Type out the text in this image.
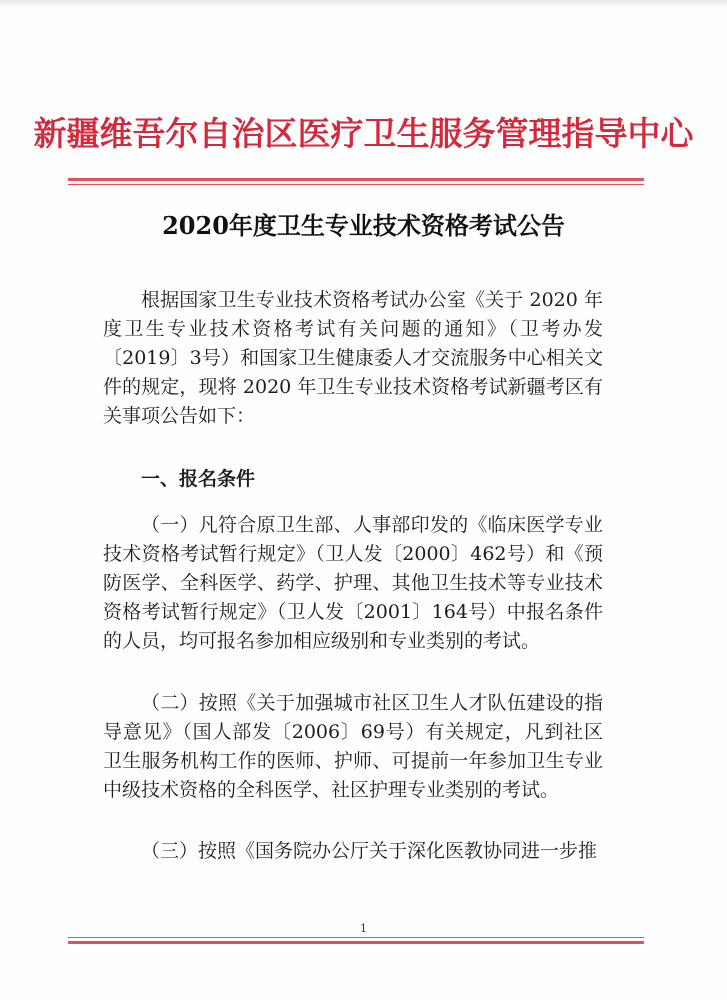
新疆维吾尔自治区医疗卫生服务管理指导中心
2020年度卫生专业技术资格考试公告

根据国家卫生专业技术资格考试办公室《关于 2020 年度卫生专业技术资格考试有关问题的通知》（卫考办发〔2019〕3号）和国家卫生健康委人才交流服务中心相关文件的规定，现将 2020 年卫生专业技术资格考试新疆考区有关事项公告如下：

一、报名条件

（一）凡符合原卫生部、人事部印发的《临床医学专业技术资格考试暂行规定》（卫人发〔2000〕462号）和《预防医学、全科医学、药学、护理、其他卫生技术等专业技术资格考试暂行规定》（卫人发〔2001〕164号）中报名条件的人员，均可报名参加相应级别和专业类别的考试。

（二）按照《关于加强城市社区卫生人才队伍建设的指导意见》（国人部发〔2006〕69号）有关规定，凡到社区卫生服务机构工作的医师、护师、可提前一年参加卫生专业中级技术资格的全科医学、社区护理专业类别的考试。

（三）按照《国务院办公厅关于深化医教协同进一步推

1
